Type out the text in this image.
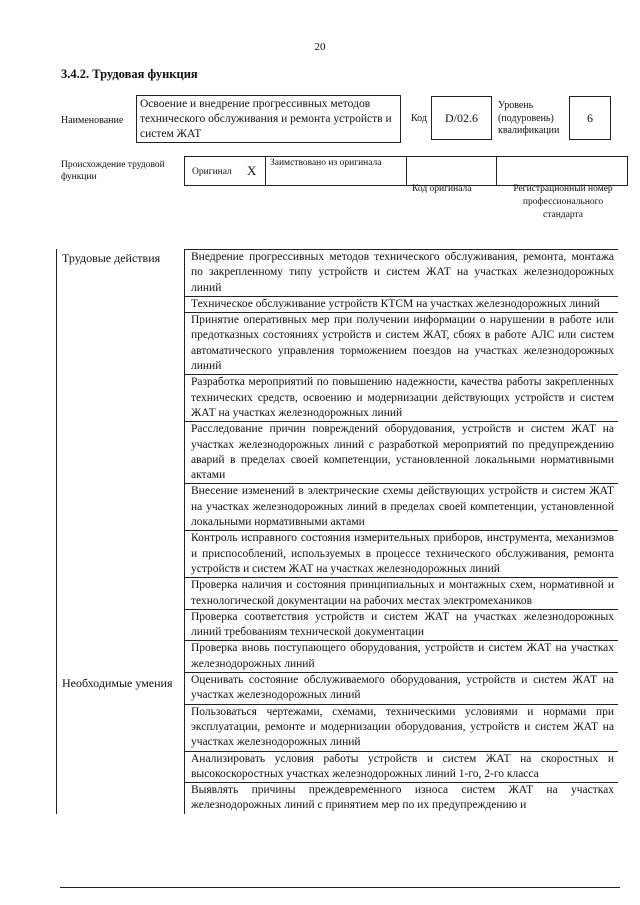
20
3.4.2. Трудовая функция
Наименование
Освоение и внедрение прогрессивных методов технического обслуживания и ремонта устройств и систем ЖАТ
Код	D/02.6
Уровень (подуровень) квалификации
6
Происхождение трудовой функции	Оригинал X Заимствовано из оригинала
Код оригинала	Регистрационный номер профессионального стандарта
Трудовые действия	Внедрение прогрессивных методов технического обслуживания, ремонта, монтажа по закрепленному типу устройств и систем ЖАТ на участках железнодорожных линий
Техническое обслуживание устройств КТСМ на участках железнодорожных линий
Принятие оперативных мер при получении информации о нарушении в работе или предотказных состояниях устройств и систем ЖАТ, сбоях в работе АЛС или систем автоматического управления торможением поездов на участках железнодорожных линий
Разработка мероприятий по повышению надежности, качества работы закрепленных технических средств, освоению и модернизации действующих устройств и систем ЖАТ на участках железнодорожных линий
Расследование причин повреждений оборудования, устройств и систем ЖАТ на участках железнодорожных линий с разработкой мероприятий по предупреждению аварий в пределах своей компетенции, установленной локальными нормативными актами
Внесение изменений в электрические схемы действующих устройств и систем ЖАТ на участках железнодорожных линий в пределах своей компетенции, установленной локальными нормативными актами
Контроль исправного состояния измерительных приборов, инструмента, механизмов и приспособлений, используемых в процессе технического обслуживания, ремонта устройств и систем ЖАТ на участках железнодорожных линий
Проверка наличия и состояния принципиальных и монтажных схем, нормативной и технологической документации на рабочих местах электромехаников
Проверка соответствия устройств и систем ЖАТ на участках железнодорожных линий требованиям технической документации
Проверка вновь поступающего оборудования, устройств и систем ЖАТ на участках железнодорожных линий
Необходимые умения	Оценивать состояние обслуживаемого оборудования, устройств и систем ЖАТ на участках железнодорожных линий
Пользоваться чертежами, схемами, техническими условиями и нормами при эксплуатации, ремонте и модернизации оборудования, устройств и систем ЖАТ на участках железнодорожных линий
Анализировать условия работы устройств и систем ЖАТ на скоростных и высокоскоростных участках железнодорожных линий 1-го, 2-го класса
Выявлять причины преждевременного износа систем ЖАТ на участках железнодорожных линий с принятием мер по их предупреждению и
